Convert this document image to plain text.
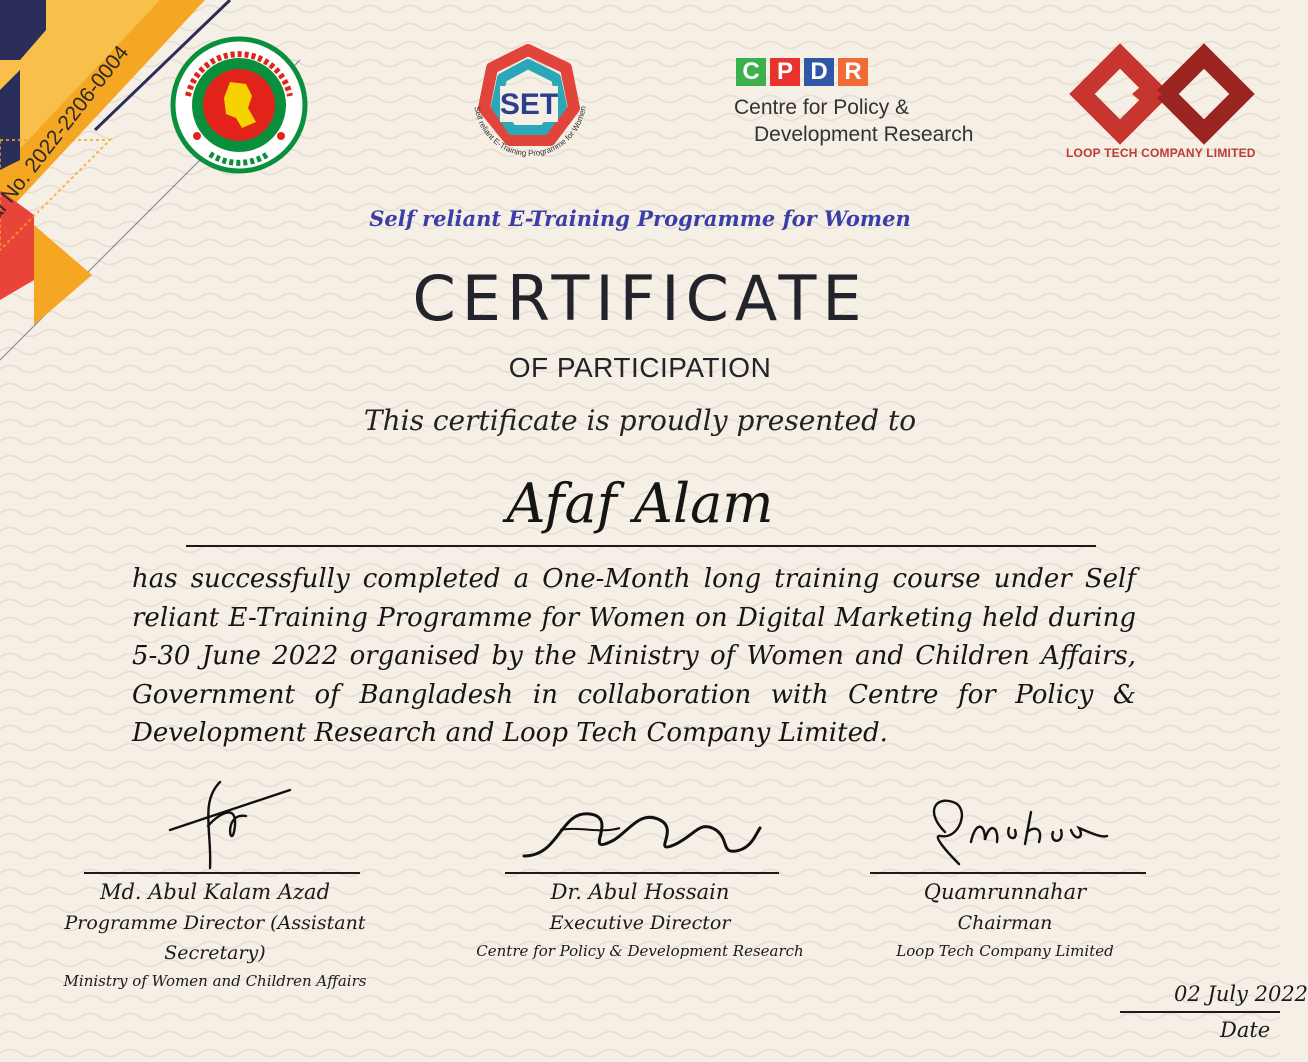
SET
Self reliant E-Training Programme for Women
C P D R
Centre for Policy &
Development Research
LOOP TECH COMPANY LIMITED
Self reliant E-Training Programme for Women
CERTIFICATE
OF PARTICIPATION
This certificate is proudly presented to
Afaf Alam
has successfully completed a One-Month long training course under Self reliant E-Training Programme for Women on Digital Marketing held during 5-30 June 2022 organised by the Ministry of Women and Children Affairs, Government of Bangladesh in collaboration with Centre for Policy & Development Research and Loop Tech Company Limited.
Md. Abul Kalam Azad
Programme Director (Assistant Secretary)
Ministry of Women and Children Affairs
Dr. Abul Hossain
Executive Director
Centre for Policy & Development Research
Quamrunnahar
Chairman
Loop Tech Company Limited
02 July 2022
Date
